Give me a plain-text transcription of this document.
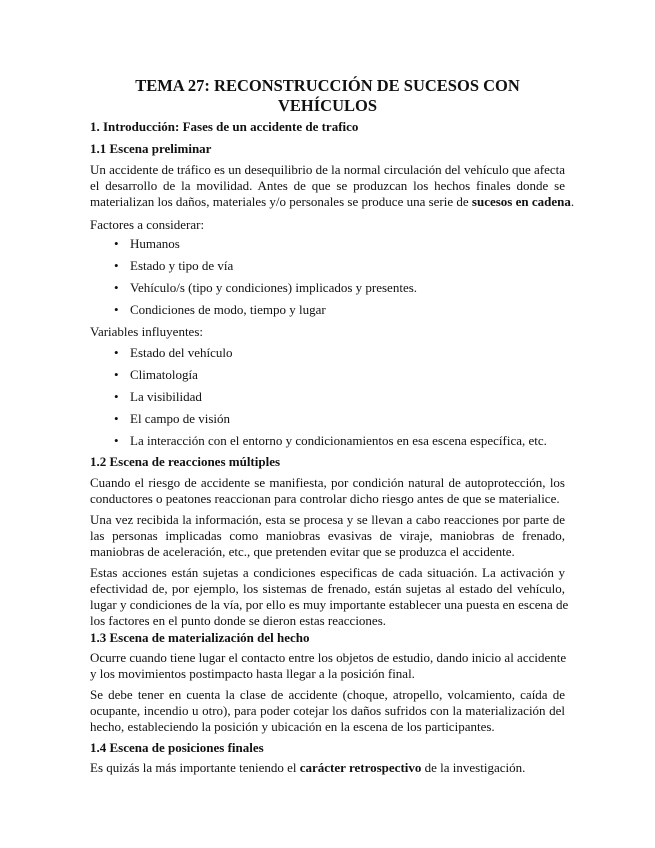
TEMA 27: RECONSTRUCCIÓN DE SUCESOS CON VEHÍCULOS
1. Introducción: Fases de un accidente de trafico
1.1 Escena preliminar
Un accidente de tráfico es un desequilibrio de la normal circulación del vehículo que afecta
el desarrollo de la movilidad. Antes de que se produzcan los hechos finales donde se
materializan los daños, materiales y/o personales se produce una serie de sucesos en cadena.
Factores a considerar:
• Humanos
• Estado y tipo de vía
• Vehículo/s (tipo y condiciones) implicados y presentes.
• Condiciones de modo, tiempo y lugar
Variables influyentes:
• Estado del vehículo
• Climatología
• La visibilidad
• El campo de visión
• La interacción con el entorno y condicionamientos en esa escena específica, etc.
1.2 Escena de reacciones múltiples
Cuando el riesgo de accidente se manifiesta, por condición natural de autoprotección, los
conductores o peatones reaccionan para controlar dicho riesgo antes de que se materialice.
Una vez recibida la información, esta se procesa y se llevan a cabo reacciones por parte de
las personas implicadas como maniobras evasivas de viraje, maniobras de frenado,
maniobras de aceleración, etc., que pretenden evitar que se produzca el accidente.
Estas acciones están sujetas a condiciones especificas de cada situación. La activación y
efectividad de, por ejemplo, los sistemas de frenado, están sujetas al estado del vehículo,
lugar y condiciones de la vía, por ello es muy importante establecer una puesta en escena de
los factores en el punto donde se dieron estas reacciones.
1.3 Escena de materialización del hecho
Ocurre cuando tiene lugar el contacto entre los objetos de estudio, dando inicio al accidente
y los movimientos postimpacto hasta llegar a la posición final.
Se debe tener en cuenta la clase de accidente (choque, atropello, volcamiento, caída de
ocupante, incendio u otro), para poder cotejar los daños sufridos con la materialización del
hecho, estableciendo la posición y ubicación en la escena de los participantes.
1.4 Escena de posiciones finales
Es quizás la más importante teniendo el carácter retrospectivo de la investigación.
